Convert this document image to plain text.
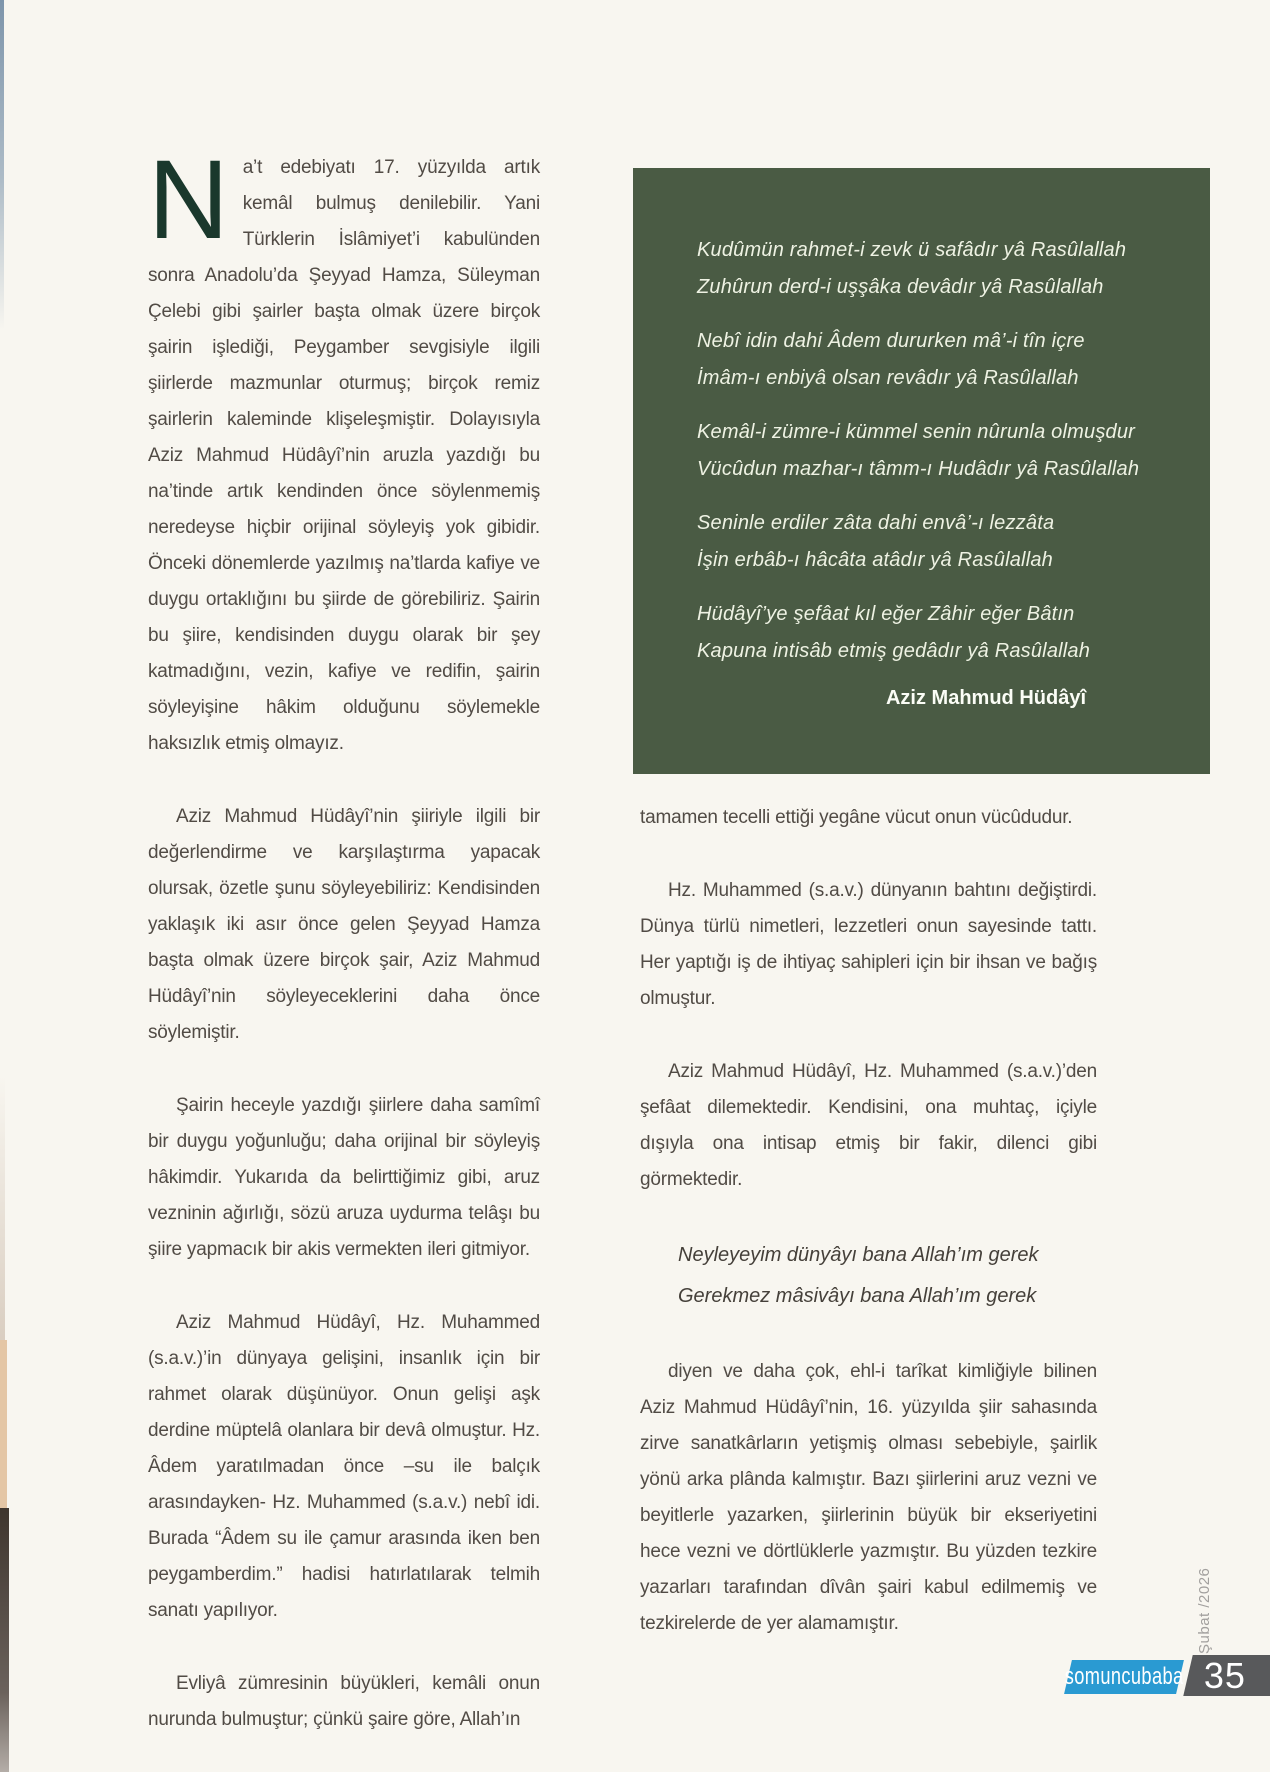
Na’t edebiyatı 17. yüzyılda artık kemâl bulmuş denilebilir. Yani Türklerin İslâmiyet’i kabulünden sonra Anadolu’da Şeyyad Hamza, Süleyman Çelebi gibi şairler başta olmak üzere birçok şairin işlediği, Peygamber sevgisiyle ilgili şiirlerde mazmunlar oturmuş; birçok remiz şairlerin kaleminde klişeleşmiştir. Dolayısıyla Aziz Mahmud Hüdâyî’nin aruzla yazdığı bu na’tinde artık kendinden önce söylenmemiş neredeyse hiçbir orijinal söyleyiş yok gibidir. Önceki dönemlerde yazılmış na’tlarda kafiye ve duygu ortaklığını bu şiirde de görebiliriz. Şairin bu şiire, kendisinden duygu olarak bir şey katmadığını, vezin, kafiye ve redifin, şairin söyleyişine hâkim olduğunu söylemekle haksızlık etmiş olmayız.

Aziz Mahmud Hüdâyî’nin şiiriyle ilgili bir değerlendirme ve karşılaştırma yapacak olursak, özetle şunu söyleyebiliriz: Kendisinden yaklaşık iki asır önce gelen Şeyyad Hamza başta olmak üzere birçok şair, Aziz Mahmud Hüdâyî’nin söyleyeceklerini daha önce söylemiştir.

Şairin heceyle yazdığı şiirlere daha samîmî bir duygu yoğunluğu; daha orijinal bir söyleyiş hâkimdir. Yukarıda da belirttiğimiz gibi, aruz vezninin ağırlığı, sözü aruza uydurma telâşı bu şiire yapmacık bir akis vermekten ileri gitmiyor.

Aziz Mahmud Hüdâyî, Hz. Muhammed (s.a.v.)’in dünyaya gelişini, insanlık için bir rahmet olarak düşünüyor. Onun gelişi aşk derdine müptelâ olanlara bir devâ olmuştur. Hz. Âdem yaratılmadan önce –su ile balçık arasındayken- Hz. Muhammed (s.a.v.) nebî idi. Burada “Âdem su ile çamur arasında iken ben peygamberdim.” hadisi hatırlatılarak telmih sanatı yapılıyor.

Evliyâ zümresinin büyükleri, kemâli onun nurunda bulmuştur; çünkü şaire göre, Allah’ın

Kudûmün rahmet-i zevk ü safâdır yâ Rasûlallah
Zuhûrun derd-i uşşâka devâdır yâ Rasûlallah
Nebî idin dahi Âdem dururken mâ’-i tîn içre
İmâm-ı enbiyâ olsan revâdır yâ Rasûlallah
Kemâl-i zümre-i kümmel senin nûrunla olmuşdur
Vücûdun mazhar-ı tâmm-ı Hudâdır yâ Rasûlallah
Seninle erdiler zâta dahi envâ’-ı lezzâta
İşin erbâb-ı hâcâta atâdır yâ Rasûlallah
Hüdâyî’ye şefâat kıl eğer Zâhir eğer Bâtın
Kapuna intisâb etmiş gedâdır yâ Rasûlallah
Aziz Mahmud Hüdâyî

tamamen tecelli ettiği yegâne vücut onun vücûdudur.

Hz. Muhammed (s.a.v.) dünyanın bahtını değiştirdi. Dünya türlü nimetleri, lezzetleri onun sayesinde tattı. Her yaptığı iş de ihtiyaç sahipleri için bir ihsan ve bağış olmuştur.

Aziz Mahmud Hüdâyî, Hz. Muhammed (s.a.v.)’den şefâat dilemektedir. Kendisini, ona muhtaç, içiyle dışıyla ona intisap etmiş bir fakir, dilenci gibi görmektedir.

Neyleyeyim dünyâyı bana Allah’ım gerek
Gerekmez mâsivâyı bana Allah’ım gerek

diyen ve daha çok, ehl-i tarîkat kimliğiyle bilinen Aziz Mahmud Hüdâyî’nin, 16. yüzyılda şiir sahasında zirve sanatkârların yetişmiş olması sebebiyle, şairlik yönü arka plânda kalmıştır. Bazı şiirlerini aruz vezni ve beyitlerle yazarken, şiirlerinin büyük bir ekseriyetini hece vezni ve dörtlüklerle yazmıştır. Bu yüzden tezkire yazarları tarafından dîvân şairi kabul edilmemiş ve tezkirelerde de yer alamamıştır.	Şubat /2026
somuncubaba 35
